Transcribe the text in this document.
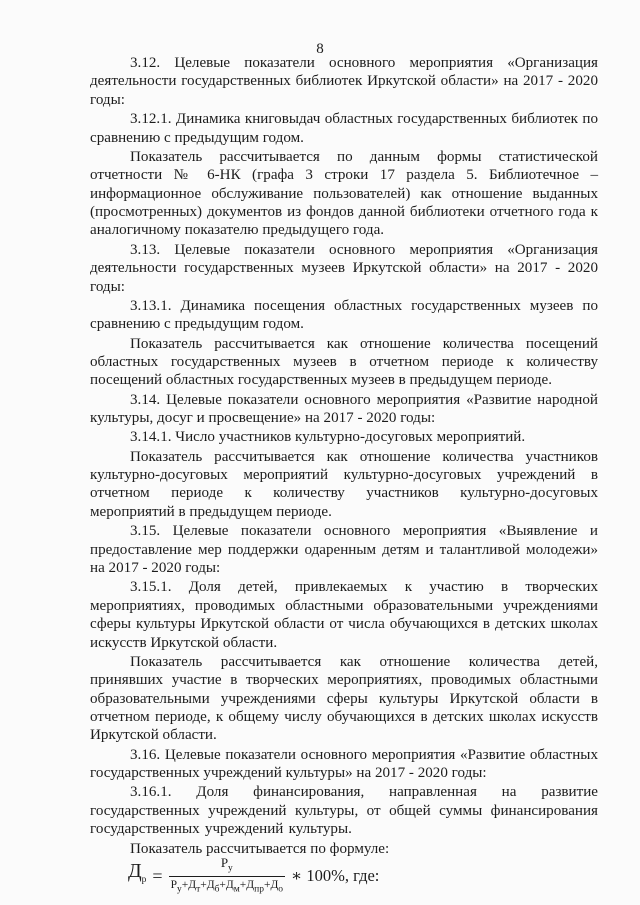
8

3.12. Целевые показатели основного мероприятия «Организация деятельности государственных библиотек Иркутской области» на 2017 - 2020 годы:

3.12.1. Динамика книговыдач областных государственных библиотек по сравнению с предыдущим годом.

Показатель рассчитывается по данным формы статистической отчетности № 6-НК (графа 3 строки 17 раздела 5. Библиотечное – информационное обслуживание пользователей) как отношение выданных (просмотренных) документов из фондов данной библиотеки отчетного года к аналогичному показателю предыдущего года.

3.13. Целевые показатели основного мероприятия «Организация деятельности государственных музеев Иркутской области» на 2017 - 2020 годы:

3.13.1. Динамика посещения областных государственных музеев по сравнению с предыдущим годом.

Показатель рассчитывается как отношение количества посещений областных государственных музеев в отчетном периоде к количеству посещений областных государственных музеев в предыдущем периоде.

3.14. Целевые показатели основного мероприятия «Развитие народной культуры, досуг и просвещение» на 2017 - 2020 годы:

3.14.1. Число участников культурно-досуговых мероприятий.

Показатель рассчитывается как отношение количества участников культурно-досуговых мероприятий культурно-досуговых учреждений в отчетном периоде к количеству участников культурно-досуговых мероприятий в предыдущем периоде.

3.15. Целевые показатели основного мероприятия «Выявление и предоставление мер поддержки одаренным детям и талантливой молодежи» на 2017 - 2020 годы:

3.15.1. Доля детей, привлекаемых к участию в творческих мероприятиях, проводимых областными образовательными учреждениями сферы культуры Иркутской области от числа обучающихся в детских школах искусств Иркутской области.

Показатель рассчитывается как отношение количества детей, принявших участие в творческих мероприятиях, проводимых областными образовательными учреждениями сферы культуры Иркутской области в отчетном периоде, к общему числу обучающихся в детских школах искусств Иркутской области.

3.16. Целевые показатели основного мероприятия «Развитие областных государственных учреждений культуры» на 2017 - 2020 годы:

3.16.1. Доля финансирования, направленная на развитие государственных учреждений культуры, от общей суммы финансирования государственных учреждений культуры.

Показатель рассчитывается по формуле:

$Д_р = \frac{Р_у}{Р_у+Д_т+Д_б+Д_м+Д_{пр}+Д_о}$ ∗ 100%, где:
